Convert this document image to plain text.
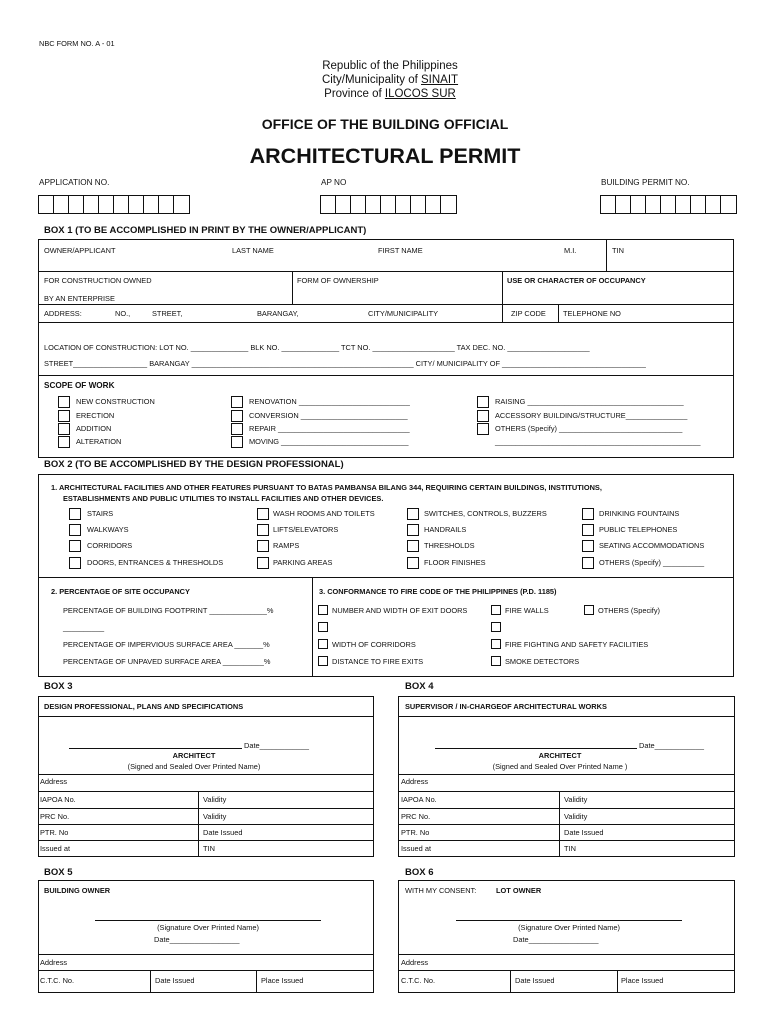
NBC FORM NO. A - 01
Republic of the Philippines
City/Municipality of SINAIT
Province of ILOCOS SUR
OFFICE OF THE BUILDING OFFICIAL
ARCHITECTURAL PERMIT
APPLICATION NO.	AP NO	BUILDING PERMIT NO.
BOX 1 (TO BE ACCOMPLISHED IN PRINT BY THE OWNER/APPLICANT)
OWNER/APPLICANT	LAST NAME	FIRST NAME	M.I.	TIN
FOR CONSTRUCTION OWNED
BY AN ENTERPRISE
FORM OF OWNERSHIP	USE OR CHARACTER OF OCCUPANCY
ADDRESS:	NO.,	STREET,	BARANGAY,	CITY/MUNICIPALITY	ZIP CODE TELEPHONE NO
LOCATION OF CONSTRUCTION: LOT NO. ______________ BLK NO. ______________ TCT NO. ____________________ TAX DEC. NO. ____________________
STREET__________________ BARANGAY ______________________________________________________ CITY/ MUNICIPALITY OF ___________________________________
SCOPE OF WORK
NEW CONSTRUCTION
ERECTION
ADDITION
ALTERATION
RENOVATION ___________________________
CONVERSION __________________________
REPAIR ________________________________
MOVING _______________________________
RAISING ______________________________________
ACCESSORY BUILDING/STRUCTURE_______________
OTHERS (Specify) ______________________________
__________________________________________________
BOX 2 (TO BE ACCOMPLISHED BY THE DESIGN PROFESSIONAL)
1. ARCHITECTURAL FACILITIES AND OTHER FEATURES PURSUANT TO BATAS PAMBANSA BILANG 344, REQUIRING CERTAIN BUILDINGS, INSTITUTIONS,
ESTABLISHMENTS AND PUBLIC UTILITIES TO INSTALL FACILITIES AND OTHER DEVICES.
STAIRS
WALKWAYS
CORRIDORS
DOORS, ENTRANCES & THRESHOLDS
WASH ROOMS AND TOILETS
LIFTS/ELEVATORS
RAMPS
PARKING AREAS
SWITCHES, CONTROLS, BUZZERS
HANDRAILS
THRESHOLDS
FLOOR FINISHES
DRINKING FOUNTAINS
PUBLIC TELEPHONES
SEATING ACCOMMODATIONS
OTHERS (Specify) __________
2. PERCENTAGE OF SITE OCCUPANCY
PERCENTAGE OF BUILDING FOOTPRINT ______________%
__________
PERCENTAGE OF IMPERVIOUS SURFACE AREA _______%
PERCENTAGE OF UNPAVED SURFACE AREA __________%
3. CONFORMANCE TO FIRE CODE OF THE PHILIPPINES (P.D. 1185)
NUMBER AND WIDTH OF EXIT DOORS	FIRE WALLS	OTHERS (Specify)
WIDTH OF CORRIDORS	FIRE FIGHTING AND SAFETY FACILITIES
DISTANCE TO FIRE EXITS	SMOKE DETECTORS
BOX 3
DESIGN PROFESSIONAL, PLANS AND SPECIFICATIONS
Date____________
ARCHITECT
(Signed and Sealed Over Printed Name)
Address
IAPOA No.	Validity
PRC No.	Validity
PTR. No	Date Issued
Issued at	TIN
BOX 4
SUPERVISOR / IN-CHARGEOF ARCHITECTURAL WORKS
Date____________
ARCHITECT
(Signed and Sealed Over Printed Name )
Address
IAPOA No.	Validity
PRC No.	Validity
PTR. No	Date Issued
Issued at	TIN
BOX 5
BUILDING OWNER
(Signature Over Printed Name)
Date_________________
Address
C.T.C. No.	Date Issued	Place Issued
BOX 6
WITH MY CONSENT:	LOT OWNER
(Signature Over Printed Name)
Date_________________
Address
C.T.C. No.	Date Issued	Place Issued
